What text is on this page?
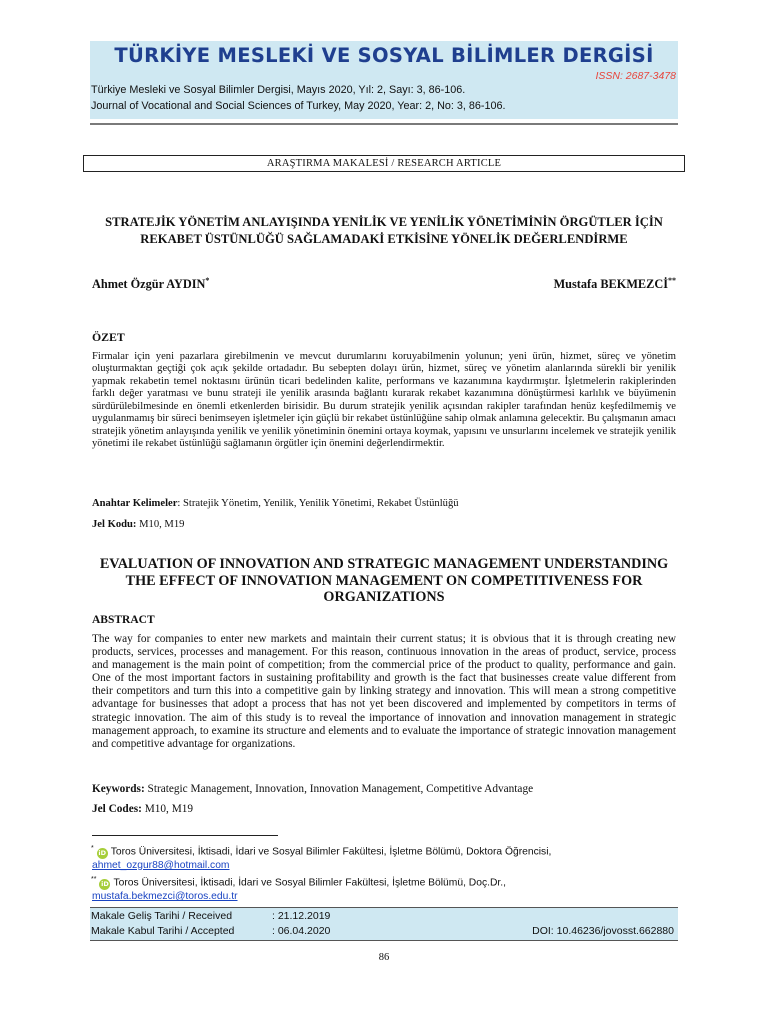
TÜRKİYE MESLEKİ VE SOSYAL BİLİMLER DERGİSİ
ISSN: 2687-3478
Türkiye Mesleki ve Sosyal Bilimler Dergisi, Mayıs 2020, Yıl: 2, Sayı: 3, 86-106.
Journal of Vocational and Social Sciences of Turkey, May 2020, Year: 2, No: 3, 86-106.
ARAŞTIRMA MAKALESİ / RESEARCH ARTICLE
STRATEJİK YÖNETİM ANLAYIŞINDA YENİLİK VE YENİLİK YÖNETİMİNİN ÖRGÜTLER İÇİN REKABET ÜSTÜNLÜĞÜ SAĞLAMADAKİ ETKİSİNE YÖNELİK DEĞERLENDİRME
Ahmet Özgür AYDIN*	Mustafa BEKMEZCİ**
ÖZET
Firmalar için yeni pazarlara girebilmenin ve mevcut durumlarını koruyabilmenin yolunun; yeni ürün, hizmet, süreç ve yönetim oluşturmaktan geçtiği çok açık şekilde ortadadır. Bu sebepten dolayı ürün, hizmet, süreç ve yönetim alanlarında sürekli bir yenilik yapmak rekabetin temel noktasını ürünün ticari bedelinden kalite, performans ve kazanımına kaydırmıştır. İşletmelerin rakiplerinden farklı değer yaratması ve bunu strateji ile yenilik arasında bağlantı kurarak rekabet kazanımına dönüştürmesi karlılık ve büyümenin sürdürülebilmesinde en önemli etkenlerden birisidir. Bu durum stratejik yenilik açısından rakipler tarafından henüz keşfedilmemiş ve uygulanmamış bir süreci benimseyen işletmeler için güçlü bir rekabet üstünlüğüne sahip olmak anlamına gelecektir. Bu çalışmanın amacı stratejik yönetim anlayışında yenilik ve yenilik yönetiminin önemini ortaya koymak, yapısını ve unsurlarını incelemek ve stratejik yenilik yönetimi ile rekabet üstünlüğü sağlamanın örgütler için önemini değerlendirmektir.
Anahtar Kelimeler: Stratejik Yönetim, Yenilik, Yenilik Yönetimi, Rekabet Üstünlüğü
Jel Kodu: M10, M19
EVALUATION OF INNOVATION AND STRATEGIC MANAGEMENT UNDERSTANDING THE EFFECT OF INNOVATION MANAGEMENT ON COMPETITIVENESS FOR ORGANIZATIONS
ABSTRACT
The way for companies to enter new markets and maintain their current status; it is obvious that it is through creating new products, services, processes and management. For this reason, continuous innovation in the areas of product, service, process and management is the main point of competition; from the commercial price of the product to quality, performance and gain. One of the most important factors in sustaining profitability and growth is the fact that businesses create value different from their competitors and turn this into a competitive gain by linking strategy and innovation. This will mean a strong competitive advantage for businesses that adopt a process that has not yet been discovered and implemented by competitors in terms of strategic innovation. The aim of this study is to reveal the importance of innovation and innovation management in strategic management approach, to examine its structure and elements and to evaluate the importance of strategic innovation management and competitive advantage for organizations.
Keywords: Strategic Management, Innovation, Innovation Management, Competitive Advantage
Jel Codes: M10, M19
*iD Toros Üniversitesi, İktisadi, İdari ve Sosyal Bilimler Fakültesi, İşletme Bölümü, Doktora Öğrencisi,
ahmet_ozgur88@hotmail.com
**iD Toros Üniversitesi, İktisadi, İdari ve Sosyal Bilimler Fakültesi, İşletme Bölümü, Doç.Dr.,
mustafa.bekmezci@toros.edu.tr
Makale Geliş Tarihi / Received	: 21.12.2019
Makale Kabul Tarihi / Accepted	: 06.04.2020	DOI: 10.46236/jovosst.662880
86
